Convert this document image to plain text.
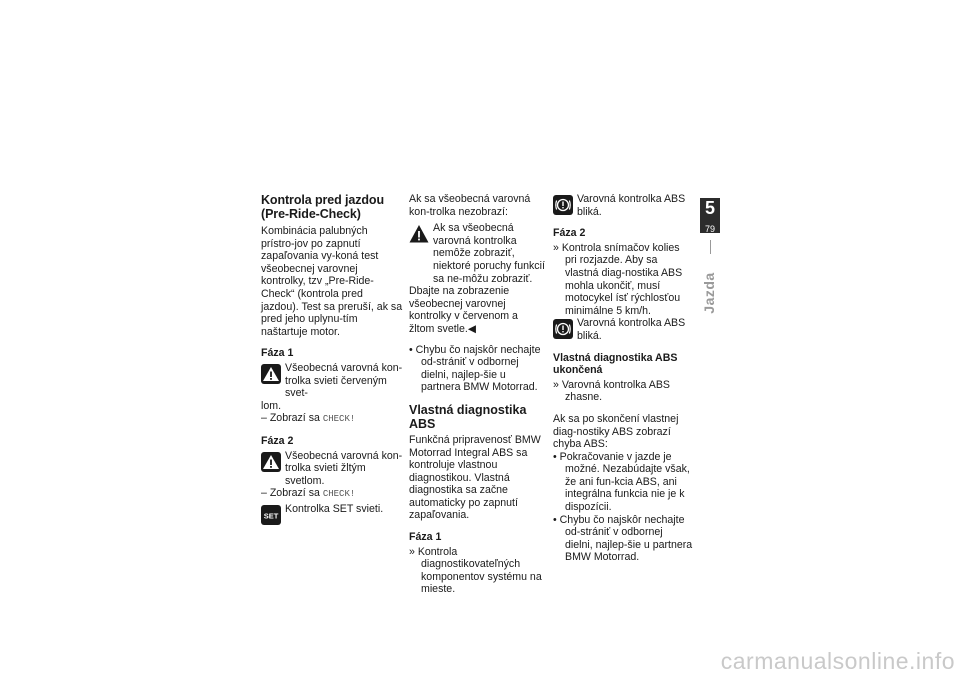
Kontrola pred jazdou (Pre-Ride-Check)

Kombinácia palubných prístro-jov po zapnutí zapaľovania vy-koná test všeobecnej varovnej kontrolky, tzv „Pre-Ride-Check“ (kontrola pred jazdou). Test sa preruší, ak sa pred jeho uplynu-tím naštartuje motor.

Fáza 1
Všeobecná varovná kon-trolka svieti červeným svet-

lom.

– Zobrazí sa CHECK!

Fáza 2
Všeobecná varovná kon-trolka svieti žltým svetlom.

– Zobrazí sa CHECK!

SET
Kontrolka SET svieti.

Ak sa všeobecná varovná kon-trolka nezobrazí:

Ak sa všeobecná varovná kontrolka nemôže zobraziť, niektoré poruchy funkcií sa ne-môžu zobraziť.

Dbajte na zobrazenie všeobecnej varovnej kontrolky v červenom a žltom svetle.◀

• Chybu čo najskôr nechajte od-strániť v odbornej dielni, najlep-šie u partnera BMW Motorrad.

Vlastná diagnostika ABS

Funkčná pripravenosť BMW Motorrad Integral ABS sa kontroluje vlastnou diagnostikou. Vlastná diagnostika sa začne automaticky po zapnutí zapaľovania.

Fáza 1

» Kontrola diagnostikovateľných komponentov systému na mieste.

Varovná kontrolka ABS bliká.
Fáza 2

» Kontrola snímačov kolies pri rozjazde. Aby sa vlastná diag-nostika ABS mohla ukončiť, musí motocykel ísť rýchlosťou minimálne 5 km/h.

Varovná kontrolka ABS bliká.
Vlastná diagnostika ABS ukončená

» Varovná kontrolka ABS zhasne.

Ak sa po skončení vlastnej diag-nostiky ABS zobrazí chyba ABS:

• Pokračovanie v jazde je možné. Nezabúdajte však, že ani fun-kcia ABS, ani integrálna funkcia nie je k dispozícii.

• Chybu čo najskôr nechajte od-strániť v odbornej dielni, najlep-šie u partnera BMW Motorrad.

5
79
Jazda
carmanualsonline.info
